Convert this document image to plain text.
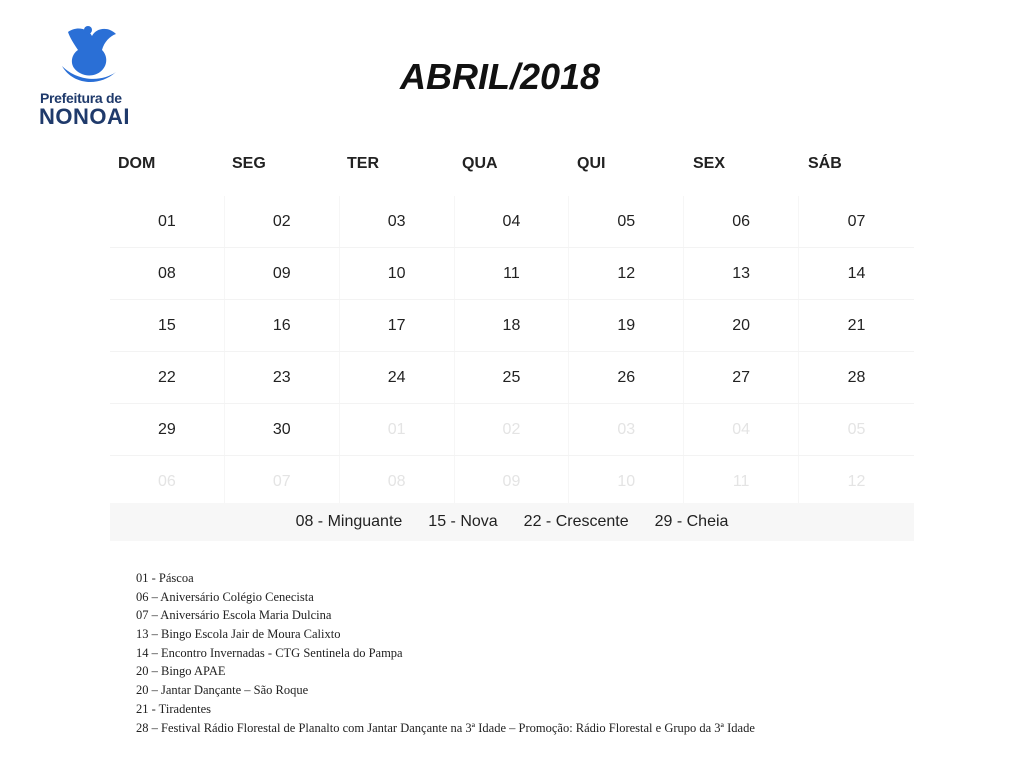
Prefeitura de
NONOAI
ABRIL/2018
DOM	SEG	TER	QUA	QUI	SEX	SÁB
01	02	03	04	05	06	07
08	09	10	11	12	13	14
15	16	17	18	19	20	21
22	23	24	25	26	27	28
29	30	01	02	03	04	05
06	07	08	09	10	11	12
08 - Minguante 15 - Nova 22 - Crescente 29 - Cheia
01 - Páscoa
06 – Aniversário Colégio Cenecista
07 – Aniversário Escola Maria Dulcina
13 – Bingo Escola Jair de Moura Calixto
14 – Encontro Invernadas - CTG Sentinela do Pampa
20 – Bingo APAE
20 – Jantar Dançante – São Roque
21 - Tiradentes
28 – Festival Rádio Florestal de Planalto com Jantar Dançante na 3ª Idade – Promoção: Rádio Florestal e Grupo da 3ª Idade
